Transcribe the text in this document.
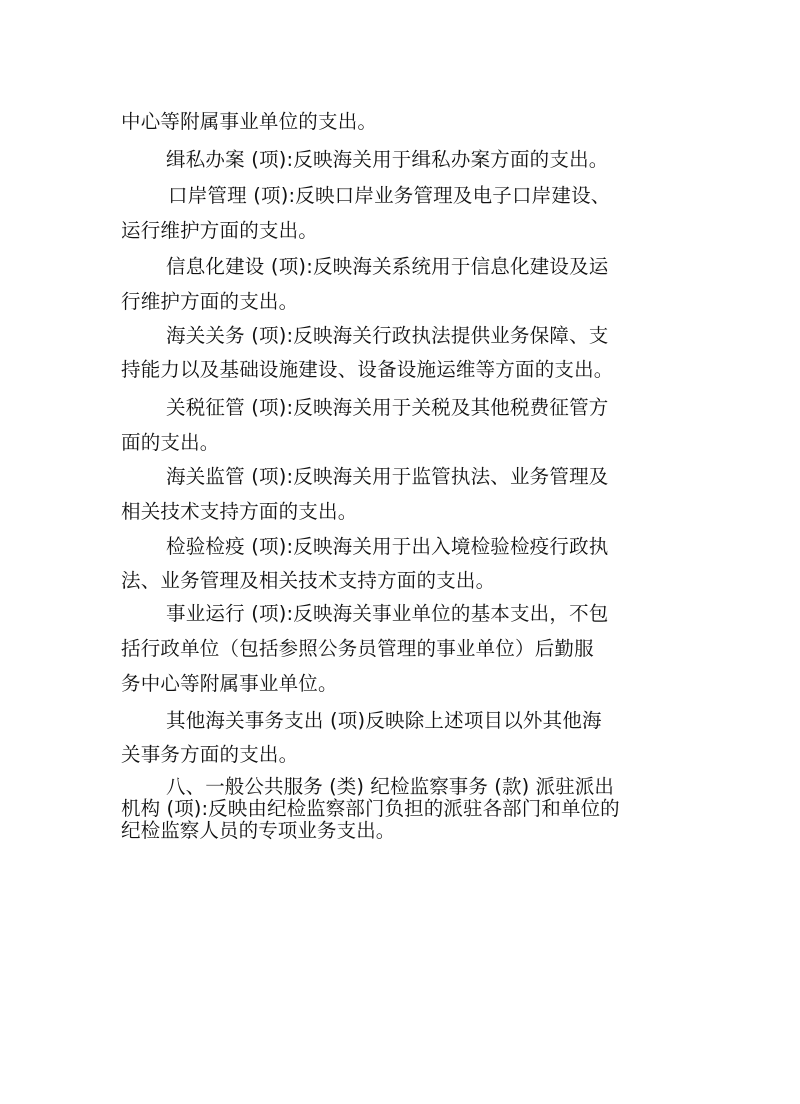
中心等附属事业单位的支出。
缉私办案 (项):反映海关用于缉私办案方面的支出。
口岸管理 (项):反映口岸业务管理及电子口岸建设、
运行维护方面的支出。
信息化建设 (项):反映海关系统用于信息化建设及运
行维护方面的支出。
海关关务 (项):反映海关行政执法提供业务保障、支
持能力以及基础设施建设、设备设施运维等方面的支出。
关税征管 (项):反映海关用于关税及其他税费征管方
面的支出。
海关监管 (项):反映海关用于监管执法、业务管理及
相关技术支持方面的支出。
检验检疫 (项):反映海关用于出入境检验检疫行政执
法、业务管理及相关技术支持方面的支出。
事业运行 (项):反映海关事业单位的基本支出，不包
括行政单位（包括参照公务员管理的事业单位）后勤服
务中心等附属事业单位。
其他海关事务支出 (项)反映除上述项目以外其他海
关事务方面的支出。
八、一般公共服务 (类) 纪检监察事务 (款) 派驻派出
机构 (项):反映由纪检监察部门负担的派驻各部门和单位的
纪检监察人员的专项业务支出。
